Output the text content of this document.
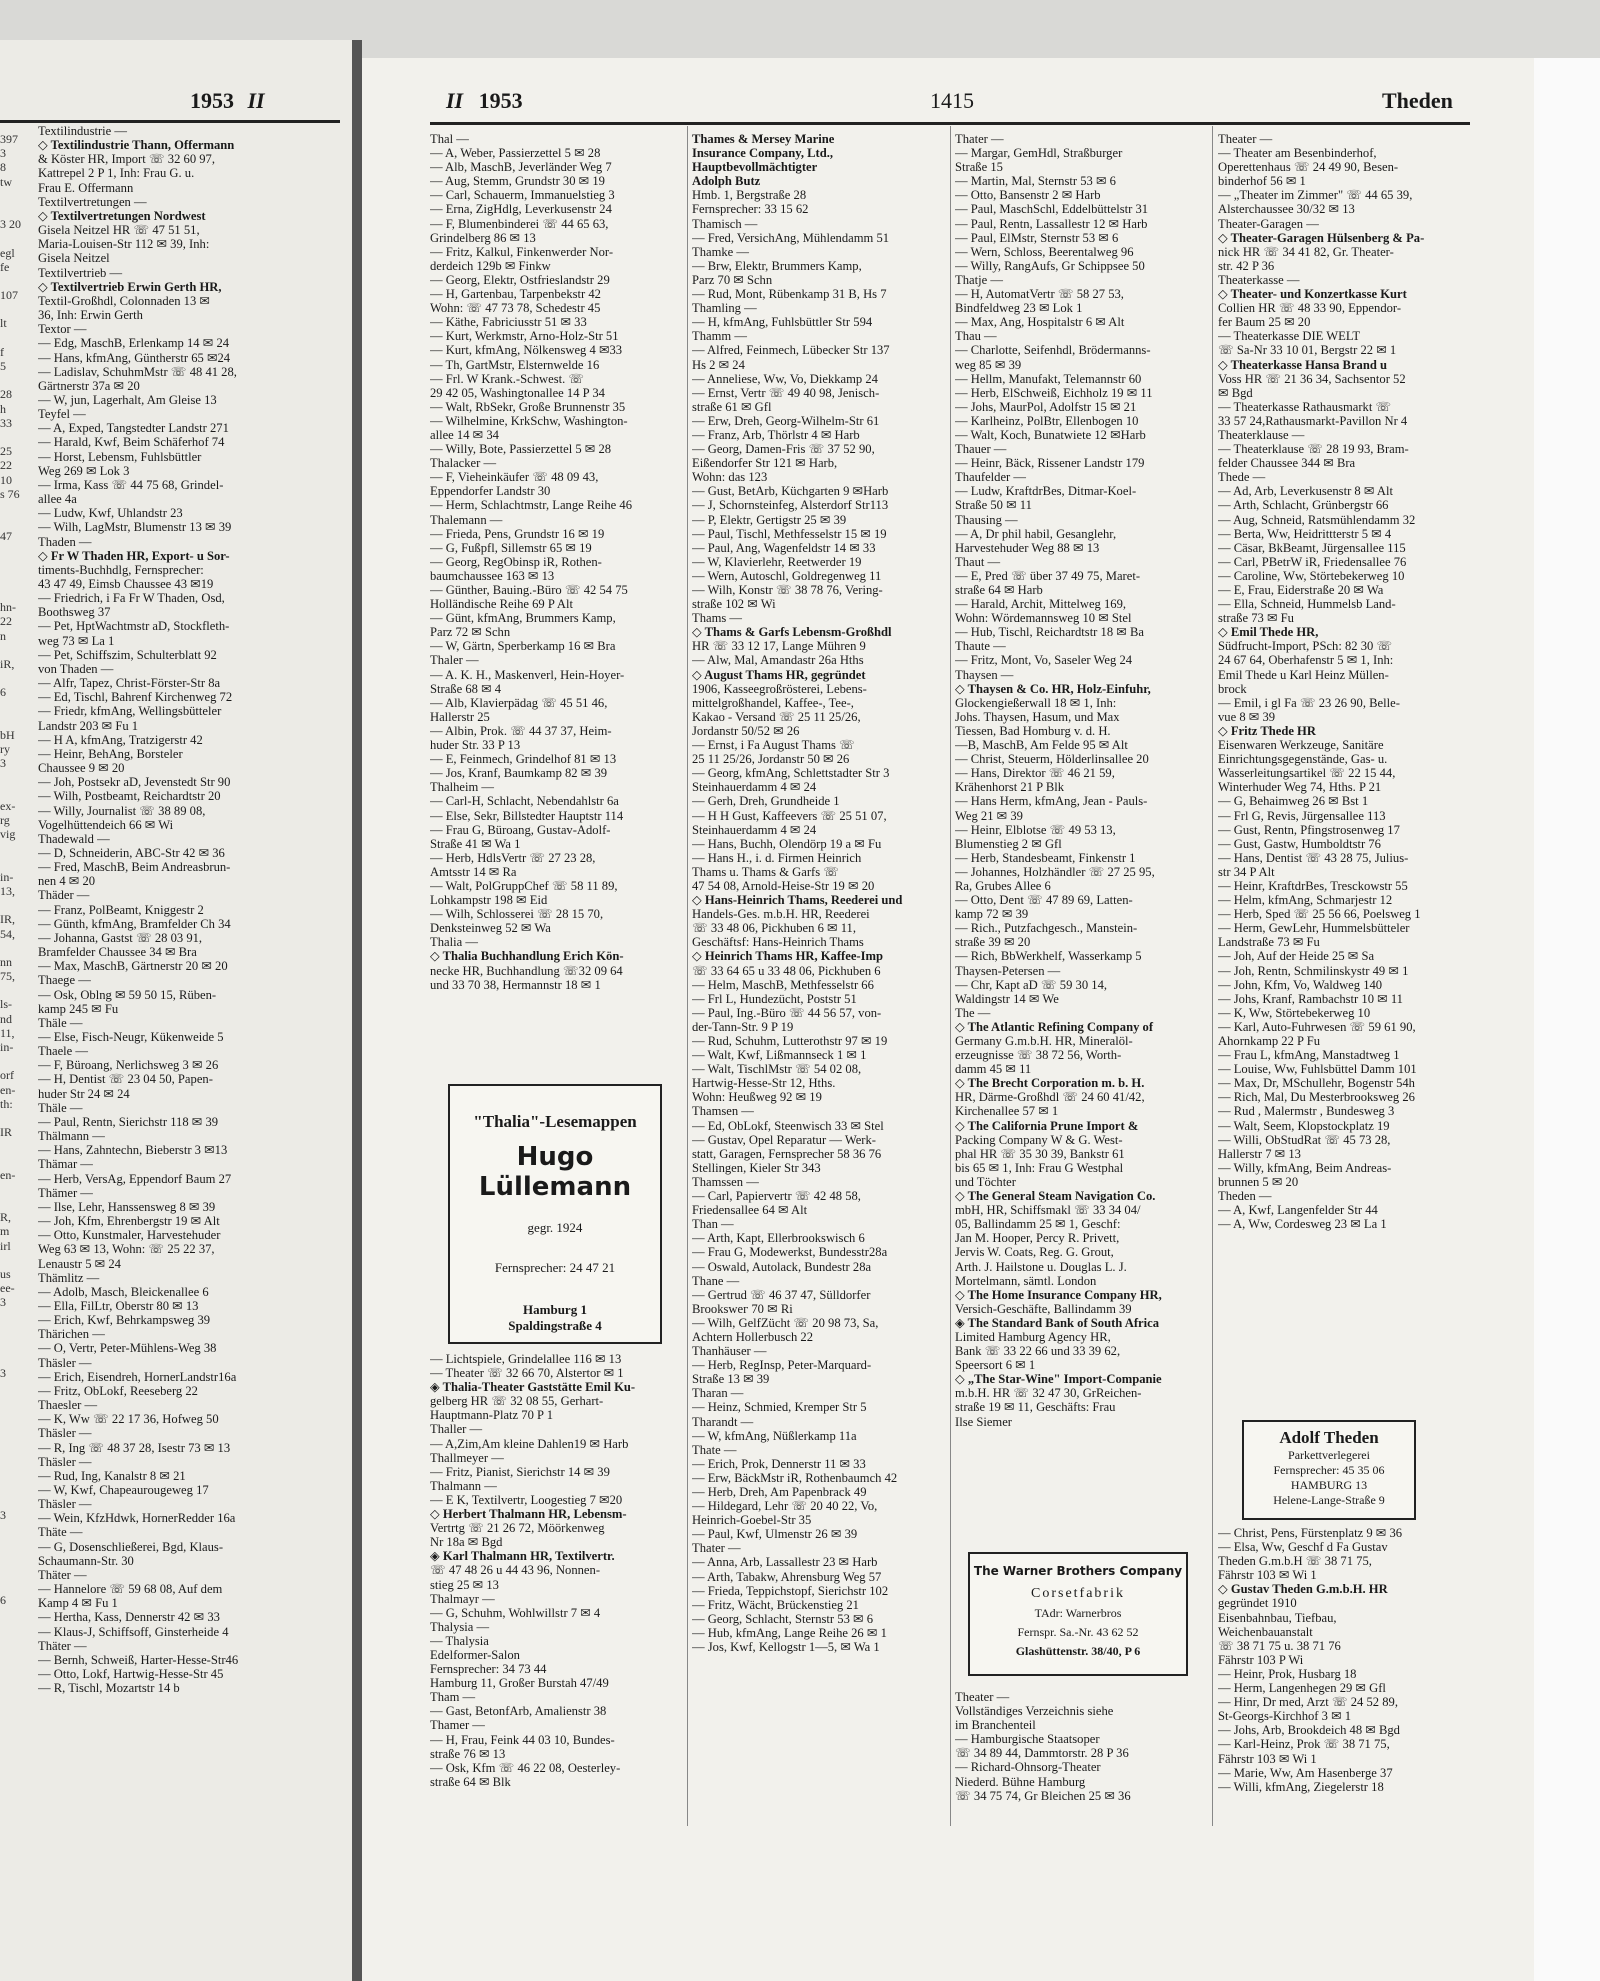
1953 II
397
3
8
tw
3 20
egl
fe
107
lt
f
5
28
h
33
25
22
10
s 76
47
hn-
22
n
iR,
6
bH
ry
3
ex-
rg
vig
in-
13,
IR,
54,
nn
75,
ls-
nd
11,
in-
orf
en-
th:
IR
en-
R,
m
irl
us
ee-
3
3
3
6
Textilindustrie —
◇ Textilindustrie Thann, Offermann
& Köster HR, Import ☏ 32 60 97,
Kattrepel 2 P 1, Inh: Frau G. u.
Frau E. Offermann
Textilvertretungen —
◇ Textilvertretungen Nordwest
Gisela Neitzel HR ☏ 47 51 51,
Maria-Louisen-Str 112 ✉ 39, Inh:
Gisela Neitzel
Textilvertrieb —
◇ Textilvertrieb Erwin Gerth HR,
Textil-Großhdl, Colonnaden 13 ✉
36, Inh: Erwin Gerth
Textor —
— Edg, MaschB, Erlenkamp 14 ✉ 24
— Hans, kfmAng, Güntherstr 65 ✉24
— Ladislav, SchuhmMstr ☏ 48 41 28,
Gärtnerstr 37a ✉ 20
— W, jun, Lagerhalt, Am Gleise 13
Teyfel —
— A, Exped, Tangstedter Landstr 271
— Harald, Kwf, Beim Schäferhof 74
— Horst, Lebensm, Fuhlsbüttler
Weg 269 ✉ Lok 3
— Irma, Kass ☏ 44 75 68, Grindel-
allee 4a
— Ludw, Kwf, Uhlandstr 23
— Wilh, LagMstr, Blumenstr 13 ✉ 39
Thaden —
◇ Fr W Thaden HR, Export- u Sor-
timents-Buchhdlg, Fernsprecher:
43 47 49, Eimsb Chaussee 43 ✉19
— Friedrich, i Fa Fr W Thaden, Osd,
Boothsweg 37
— Pet, HptWachtmstr aD, Stockfleth-
weg 73 ✉ La 1
— Pet, Schiffszim, Schulterblatt 92
von Thaden —
— Alfr, Tapez, Christ-Förster-Str 8a
— Ed, Tischl, Bahrenf Kirchenweg 72
— Friedr, kfmAng, Wellingsbütteler
Landstr 203 ✉ Fu 1
— H A, kfmAng, Tratzigerstr 42
— Heinr, BehAng, Borsteler
Chaussee 9 ✉ 20
— Joh, Postsekr aD, Jevenstedt Str 90
— Wilh, Postbeamt, Reichardtstr 20
— Willy, Journalist ☏ 38 89 08,
Vogelhüttendeich 66 ✉ Wi
Thadewald —
— D, Schneiderin, ABC-Str 42 ✉ 36
— Fred, MaschB, Beim Andreasbrun-
nen 4 ✉ 20
Thäder —
— Franz, PolBeamt, Kniggestr 2
— Günth, kfmAng, Bramfelder Ch 34
— Johanna, Gastst ☏ 28 03 91,
Bramfelder Chaussee 34 ✉ Bra
— Max, MaschB, Gärtnerstr 20 ✉ 20
Thaege —
— Osk, Oblng ✉ 59 50 15, Rüben-
kamp 245 ✉ Fu
Thäle —
— Else, Fisch-Neugr, Kükenweide 5
Thaele —
— F, Büroang, Nerlichsweg 3 ✉ 26
— H, Dentist ☏ 23 04 50, Papen-
huder Str 24 ✉ 24
Thäle —
— Paul, Rentn, Sierichstr 118 ✉ 39
Thälmann —
— Hans, Zahntechn, Bieberstr 3 ✉13
Thämar —
— Herb, VersAg, Eppendorf Baum 27
Thämer —
— Ilse, Lehr, Hanssensweg 8 ✉ 39
— Joh, Kfm, Ehrenbergstr 19 ✉ Alt
— Otto, Kunstmaler, Harvestehuder
Weg 63 ✉ 13, Wohn: ☏ 25 22 37,
Lenaustr 5 ✉ 24
Thämlitz —
— Adolb, Masch, Bleickenallee 6
— Ella, FilLtr, Oberstr 80 ✉ 13
— Erich, Kwf, Behrkampsweg 39
Thärichen —
— O, Vertr, Peter-Mühlens-Weg 38
Thäsler —
— Erich, Eisendreh, HornerLandstr16a
— Fritz, ObLokf, Reeseberg 22
Thaesler —
— K, Ww ☏ 22 17 36, Hofweg 50
Thäsler —
— R, Ing ☏ 48 37 28, Isestr 73 ✉ 13
Thäsler —
— Rud, Ing, Kanalstr 8 ✉ 21
— W, Kwf, Chapeaurougeweg 17
Thäsler —
— Wein, KfzHdwk, HornerRedder 16a
Thäte —
— G, Dosenschließerei, Bgd, Klaus-
Schaumann-Str. 30
Thäter —
— Hannelore ☏ 59 68 08, Auf dem
Kamp 4 ✉ Fu 1
— Hertha, Kass, Dennerstr 42 ✉ 33
— Klaus-J, Schiffsoff, Ginsterheide 4
Thäter —
— Bernh, Schweiß, Harter-Hesse-Str46
— Otto, Lokf, Hartwig-Hesse-Str 45
— R, Tischl, Mozartstr 14 b
II 1953	1415	Theden
Thal —
— A, Weber, Passierzettel 5 ✉ 28
— Alb, MaschB, Jeverländer Weg 7
— Aug, Stemm, Grundstr 30 ✉ 19
— Carl, Schauerm, Immanuelstieg 3
— Erna, ZigHdlg, Leverkusenstr 24
— F, Blumenbinderei ☏ 44 65 63,
Grindelberg 86 ✉ 13
— Fritz, Kalkul, Finkenwerder Nor-
derdeich 129b ✉ Finkw
— Georg, Elektr, Ostfrieslandstr 29
— H, Gartenbau, Tarpenbekstr 42
Wohn: ☏ 47 73 78, Schedestr 45
— Käthe, Fabriciusstr 51 ✉ 33
— Kurt, Werkmstr, Arno-Holz-Str 51
— Kurt, kfmAng, Nölkensweg 4 ✉33
— Th, GartMstr, Elsternwelde 16
— Frl. W Krank.-Schwest. ☏
29 42 05, Washingtonallee 14 P 34
— Walt, RbSekr, Große Brunnenstr 35
— Wilhelmine, KrkSchw, Washington-
allee 14 ✉ 34
— Willy, Bote, Passierzettel 5 ✉ 28
Thalacker —
— F, Vieheinkäufer ☏ 48 09 43,
Eppendorfer Landstr 30
— Herm, Schlachtmstr, Lange Reihe 46
Thalemann —
— Frieda, Pens, Grundstr 16 ✉ 19
— G, Fußpfl, Sillemstr 65 ✉ 19
— Georg, RegObinsp iR, Rothen-
baumchaussee 163 ✉ 13
— Günther, Bauing.-Büro ☏ 42 54 75
Holländische Reihe 69 P Alt
— Günt, kfmAng, Brummers Kamp,
Parz 72 ✉ Schn
— W, Gärtn, Sperberkamp 16 ✉ Bra
Thaler —
— A. K. H., Maskenverl, Hein-Hoyer-
Straße 68 ✉ 4
— Alb, Klavierpädag ☏ 45 51 46,
Hallerstr 25
— Albin, Prok. ☏ 44 37 37, Heim-
huder Str. 33 P 13
— E, Feinmech, Grindelhof 81 ✉ 13
— Jos, Kranf, Baumkamp 82 ✉ 39
Thalheim —
— Carl-H, Schlacht, Nebendahlstr 6a
— Else, Sekr, Billstedter Hauptstr 114
— Frau G, Büroang, Gustav-Adolf-
Straße 41 ✉ Wa 1
— Herb, HdlsVertr ☏ 27 23 28,
Amtsstr 14 ✉ Ra
— Walt, PolGruppChef ☏ 58 11 89,
Lohkampstr 198 ✉ Eid
— Wilh, Schlosserei ☏ 28 15 70,
Denksteinweg 52 ✉ Wa
Thalia —
◇ Thalia Buchhandlung Erich Kön-
necke HR, Buchhandlung ☏32 09 64
und 33 70 38, Hermannstr 18 ✉ 1
"Thalia"-Lesemappen
Hugo Lüllemann
gegr. 1924
Fernsprecher: 24 47 21
Hamburg 1
Spaldingstraße 4
— Lichtspiele, Grindelallee 116 ✉ 13
— Theater ☏ 32 66 70, Alstertor ✉ 1
◈ Thalia-Theater Gaststätte Emil Ku-
gelberg HR ☏ 32 08 55, Gerhart-
Hauptmann-Platz 70 P 1
Thaller —
— A,Zim,Am kleine Dahlen19 ✉ Harb
Thallmeyer —
— Fritz, Pianist, Sierichstr 14 ✉ 39
Thalmann —
— E K, Textilvertr, Loogestieg 7 ✉20
◇ Herbert Thalmann HR, Lebensm-
Vertrtg ☏ 21 26 72, Möörkenweg
Nr 18a ✉ Bgd
◈ Karl Thalmann HR, Textilvertr.
☏ 47 48 26 u 44 43 96, Nonnen-
stieg 25 ✉ 13
Thalmayr —
— G, Schuhm, Wohlwillstr 7 ✉ 4
Thalysia —
— Thalysia
Edelformer-Salon
Fernsprecher: 34 73 44
Hamburg 11, Großer Burstah 47/49
Tham —
— Gast, BetonfArb, Amalienstr 38
Thamer —
— H, Frau, Feink 44 03 10, Bundes-
straße 76 ✉ 13
— Osk, Kfm ☏ 46 22 08, Oesterley-
straße 64 ✉ Blk
Thames & Mersey Marine
Insurance Company, Ltd.,
Hauptbevollmächtigter
Adolph Butz
Hmb. 1, Bergstraße 28
Fernsprecher: 33 15 62
Thamisch —
— Fred, VersichAng, Mühlendamm 51
Thamke —
— Brw, Elektr, Brummers Kamp,
Parz 70 ✉ Schn
— Rud, Mont, Rübenkamp 31 B, Hs 7
Thamling —
— H, kfmAng, Fuhlsbüttler Str 594
Thamm —
— Alfred, Feinmech, Lübecker Str 137
Hs 2 ✉ 24
— Anneliese, Ww, Vo, Diekkamp 24
— Ernst, Vertr ☏ 49 40 98, Jenisch-
straße 61 ✉ Gfl
— Erw, Dreh, Georg-Wilhelm-Str 61
— Franz, Arb, Thörlstr 4 ✉ Harb
— Georg, Damen-Fris ☏ 37 52 90,
Eißendorfer Str 121 ✉ Harb,
Wohn: das 123
— Gust, BetArb, Küchgarten 9 ✉Harb
— J, Schornsteinfeg, Alsterdorf Str113
— P, Elektr, Gertigstr 25 ✉ 39
— Paul, Tischl, Methfesselstr 15 ✉ 19
— Paul, Ang, Wagenfeldstr 14 ✉ 33
— W, Klavierlehr, Reetwerder 19
— Wern, Autoschl, Goldregenweg 11
— Wilh, Konstr ☏ 38 78 76, Vering-
straße 102 ✉ Wi
Thams —
◇ Thams & Garfs Lebensm-Großhdl
HR ☏ 33 12 17, Lange Mühren 9
— Alw, Mal, Amandastr 26a Hths
◇ August Thams HR, gegründet
1906, Kasseegroßrösterei, Lebens-
mittelgroßhandel, Kaffee-, Tee-,
Kakao - Versand ☏ 25 11 25/26,
Jordanstr 50/52 ✉ 26
— Ernst, i Fa August Thams ☏
25 11 25/26, Jordanstr 50 ✉ 26
— Georg, kfmAng, Schlettstadter Str 3
Steinhauerdamm 4 ✉ 24
— Gerh, Dreh, Grundheide 1
— H H Gust, Kaffeevers ☏ 25 51 07,
Steinhauerdamm 4 ✉ 24
— Hans, Buchh, Olendörp 19 a ✉ Fu
— Hans H., i. d. Firmen Heinrich
Thams u. Thams & Garfs ☏
47 54 08, Arnold-Heise-Str 19 ✉ 20
◇ Hans-Heinrich Thams, Reederei und
Handels-Ges. m.b.H. HR, Reederei
☏ 33 48 06, Pickhuben 6 ✉ 11,
Geschäftsf: Hans-Heinrich Thams
◇ Heinrich Thams HR, Kaffee-Imp
☏ 33 64 65 u 33 48 06, Pickhuben 6
— Helm, MaschB, Methfesselstr 66
— Frl L, Hundezücht, Poststr 51
— Paul, Ing.-Büro ☏ 44 56 57, von-
der-Tann-Str. 9 P 19
— Rud, Schuhm, Lutterothstr 97 ✉ 19
— Walt, Kwf, Lißmannseck 1 ✉ 1
— Walt, TischlMstr ☏ 54 02 08,
Hartwig-Hesse-Str 12, Hths.
Wohn: Heußweg 92 ✉ 19
Thamsen —
— Ed, ObLokf, Steenwisch 33 ✉ Stel
— Gustav, Opel Reparatur — Werk-
statt, Garagen, Fernsprecher 58 36 76
Stellingen, Kieler Str 343
Thamssen —
— Carl, Papiervertr ☏ 42 48 58,
Friedensallee 64 ✉ Alt
Than —
— Arth, Kapt, Ellerbrookswisch 6
— Frau G, Modewerkst, Bundesstr28a
— Oswald, Autolack, Bundestr 28a
Thane —
— Gertrud ☏ 46 37 47, Sülldorfer
Brookswег 70 ✉ Ri
— Wilh, GelfZücht ☏ 20 98 73, Sa,
Achtern Hollerbusch 22
Thanhäuser —
— Herb, RegInsp, Peter-Marquard-
Straße 13 ✉ 39
Tharan —
— Heinz, Schmied, Kremper Str 5
Tharandt —
— W, kfmAng, Nüßlerkamp 11a
Thate —
— Erich, Prok, Dennerstr 11 ✉ 33
— Erw, BäckMstr iR, Rothenbaumch 42
— Herb, Dreh, Am Papenbrack 49
— Hildegard, Lehr ☏ 20 40 22, Vo,
Heinrich-Goebel-Str 35
— Paul, Kwf, Ulmenstr 26 ✉ 39
Thater —
— Anna, Arb, Lassallestr 23 ✉ Harb
— Arth, Tabakw, Ahrensburg Weg 57
— Frieda, Teppichstopf, Sierichstr 102
— Fritz, Wächt, Brückenstieg 21
— Georg, Schlacht, Sternstr 53 ✉ 6
— Hub, kfmAng, Lange Reihe 26 ✉ 1
— Jos, Kwf, Kellogstr 1—5, ✉ Wa 1
Thater —
— Margar, GemHdl, Straßburger
Straße 15
— Martin, Mal, Sternstr 53 ✉ 6
— Otto, Bansenstr 2 ✉ Harb
— Paul, MaschSchl, Eddelbüttelstr 31
— Paul, Rentn, Lassallestr 12 ✉ Harb
— Paul, ElMstr, Sternstr 53 ✉ 6
— Wern, Schloss, Beerentalweg 96
— Willy, RangAufs, Gr Schippsee 50
Thatje —
— H, AutomatVertr ☏ 58 27 53,
Bindfeldweg 23 ✉ Lok 1
— Max, Ang, Hospitalstr 6 ✉ Alt
Thau —
— Charlotte, Seifenhdl, Brödermanns-
weg 85 ✉ 39
— Hellm, Manufakt, Telemannstr 60
— Herb, ElSchweiß, Eichholz 19 ✉ 11
— Johs, MaurPol, Adolfstr 15 ✉ 21
— Karlheinz, PolBtr, Ellenbogen 10
— Walt, Koch, Bunatwiete 12 ✉Harb
Thauer —
— Heinr, Bäck, Rissener Landstr 179
Thaufelder —
— Ludw, KraftdrBes, Ditmar-Koel-
Straße 50 ✉ 11
Thausing —
— A, Dr phil habil, Gesanglehr,
Harvestehuder Weg 88 ✉ 13
Thaut —
— E, Pred ☏ über 37 49 75, Maret-
straße 64 ✉ Harb
— Harald, Archit, Mittelweg 169,
Wohn: Wördemannsweg 10 ✉ Stel
— Hub, Tischl, Reichardtstr 18 ✉ Ba
Thaute —
— Fritz, Mont, Vo, Saseler Weg 24
Thaysen —
◇ Thaysen & Co. HR, Holz-Einfuhr,
Glockengießerwall 18 ✉ 1, Inh:
Johs. Thaysen, Hasum, und Max
Tiessen, Bad Homburg v. d. H.
—B, MaschB, Am Felde 95 ✉ Alt
— Christ, Steuerm, Hölderlinsallee 20
— Hans, Direktor ☏ 46 21 59,
Krähenhorst 21 P Blk
— Hans Herm, kfmAng, Jean - Pauls-
Weg 21 ✉ 39
— Heinr, Elblotse ☏ 49 53 13,
Blumenstieg 2 ✉ Gfl
— Herb, Standesbeamt, Finkenstr 1
— Johannes, Holzhändler ☏ 27 25 95,
Ra, Grubes Allee 6
— Otto, Dent ☏ 47 89 69, Latten-
kamp 72 ✉ 39
— Rich., Putzfachgesch., Manstein-
straße 39 ✉ 20
— Rich, BbWerkhelf, Wasserkamp 5
Thaysen-Petersen —
— Chr, Kapt aD ☏ 59 30 14,
Waldingstr 14 ✉ We
The —
◇ The Atlantic Refining Company of
Germany G.m.b.H. HR, Mineralöl-
erzeugnisse ☏ 38 72 56, Worth-
damm 45 ✉ 11
◇ The Brecht Corporation m. b. H.
HR, Därme-Großhdl ☏ 24 60 41/42,
Kirchenallee 57 ✉ 1
◇ The California Prune Import &
Packing Company W & G. West-
phal HR ☏ 35 30 39, Bankstr 61
bis 65 ✉ 1, Inh: Frau G Westphal
und Töchter
◇ The General Steam Navigation Co.
mbH, HR, Schiffsmakl ☏ 33 34 04/
05, Ballindamm 25 ✉ 1, Geschf:
Jan M. Hooper, Percy R. Privett,
Jervis W. Coats, Reg. G. Grout,
Arth. J. Hailstone u. Douglas L. J.
Mortelmann, sämtl. London
◇ The Home Insurance Company HR,
Versich-Geschäfte, Ballindamm 39
◈ The Standard Bank of South Africa
Limited Hamburg Agency HR,
Bank ☏ 33 22 66 und 33 39 62,
Speersort 6 ✉ 1
◇ „The Star-Wine" Import-Companie
m.b.H. HR ☏ 32 47 30, GrReichen-
straße 19 ✉ 11, Geschäfts: Frau
Ilse Siemer
The Warner Brothers Company
Corsetfabrik
TAdr: Warnerbros
Fernspr. Sa.-Nr. 43 62 52
Glashüttenstr. 38/40, P 6
Theater —
Vollständiges Verzeichnis siehe
im Branchenteil
— Hamburgische Staatsoper
☏ 34 89 44, Dammtorstr. 28 P 36
— Richard-Ohnsorg-Theater
Niederd. Bühne Hamburg
☏ 34 75 74, Gr Bleichen 25 ✉ 36
Theater —
— Theater am Besenbinderhof,
Operettenhaus ☏ 24 49 90, Besen-
binderhof 56 ✉ 1
— „Theater im Zimmer" ☏ 44 65 39,
Alsterchaussee 30/32 ✉ 13
Theater-Garagen —
◇ Theater-Garagen Hülsenberg & Pa-
nick HR ☏ 34 41 82, Gr. Theater-
str. 42 P 36
Theaterkasse —
◇ Theater- und Konzertkasse Kurt
Collien HR ☏ 48 33 90, Eppendor-
fer Baum 25 ✉ 20
— Theaterkasse DIE WELT
☏ Sa-Nr 33 10 01, Bergstr 22 ✉ 1
◇ Theaterkasse Hansa Brand u
Voss HR ☏ 21 36 34, Sachsentor 52
✉ Bgd
— Theaterkasse Rathausmarkt ☏
33 57 24,Rathausmarkt-Pavillon Nr 4
Theaterklause —
— Theaterklause ☏ 28 19 93, Bram-
felder Chaussee 344 ✉ Bra
Thede —
— Ad, Arb, Leverkusenstr 8 ✉ Alt
— Arth, Schlacht, Grünbergstr 66
— Aug, Schneid, Ratsmühlendamm 32
— Berta, Ww, Heidrittterstr 5 ✉ 4
— Cäsar, BkBeamt, Jürgensallee 115
— Carl, PBetrW iR, Friedensallee 76
— Caroline, Ww, Störtebekerweg 10
— E, Frau, Eiderstraße 20 ✉ Wa
— Ella, Schneid, Hummelsb Land-
straße 73 ✉ Fu
◇ Emil Thede HR,
Südfrucht-Import, PSch: 82 30 ☏
24 67 64, Oberhafenstr 5 ✉ 1, Inh:
Emil Thede u Karl Heinz Müllen-
brock
— Emil, i gl Fa ☏ 23 26 90, Belle-
vue 8 ✉ 39
◇ Fritz Thede HR
Eisenwaren Werkzeuge, Sanitäre
Einrichtungsgegenstände, Gas- u.
Wasserleitungsartikel ☏ 22 15 44,
Winterhuder Weg 74, Hths. P 21
— G, Behaimweg 26 ✉ Bst 1
— Frl G, Revis, Jürgensallee 113
— Gust, Rentn, Pfingstrosenweg 17
— Gust, Gastw, Humboldtstr 76
— Hans, Dentist ☏ 43 28 75, Julius-
str 34 P Alt
— Heinr, KraftdrBes, Tresckowstr 55
— Helm, kfmAng, Schmarjestr 12
— Herb, Sped ☏ 25 56 66, Poelsweg 1
— Herm, GewLehr, Hummelsbütteler
Landstraße 73 ✉ Fu
— Joh, Auf der Heide 25 ✉ Sa
— Joh, Rentn, Schmilinskystr 49 ✉ 1
— John, Kfm, Vo, Waldweg 140
— Johs, Kranf, Rambachstr 10 ✉ 11
— K, Ww, Störtebekerweg 10
— Karl, Auto-Fuhrwesen ☏ 59 61 90,
Ahornkamp 22 P Fu
— Frau L, kfmAng, Manstadtweg 1
— Louise, Ww, Fuhlsbüttel Damm 101
— Max, Dr, MSchullehr, Bogenstr 54h
— Rich, Mal, Du Mesterbrooksweg 26
— Rud , Malermstr , Bundesweg 3
— Walt, Seem, Klopstockplatz 19
— Willi, ObStudRat ☏ 45 73 28,
Hallerstr 7 ✉ 13
— Willy, kfmAng, Beim Andreas-
brunnen 5 ✉ 20
Theden —
— A, Kwf, Langenfelder Str 44
— A, Ww, Cordesweg 23 ✉ La 1
Adolf Theden
Parkettverlegerei
Fernsprecher: 45 35 06
HAMBURG 13
Helene-Lange-Straße 9
— Christ, Pens, Fürstenplatz 9 ✉ 36
— Elsa, Ww, Geschf d Fa Gustav
Theden G.m.b.H ☏ 38 71 75,
Fährstr 103 ✉ Wi 1
◇ Gustav Theden G.m.b.H. HR
gegründet 1910
Eisenbahnbau, Tiefbau,
Weichenbauanstalt
☏ 38 71 75 u. 38 71 76
Fährstr 103 P Wi
— Heinr, Prok, Husbarg 18
— Herm, Langenhegen 29 ✉ Gfl
— Hinr, Dr med, Arzt ☏ 24 52 89,
St-Georgs-Kirchhof 3 ✉ 1
— Johs, Arb, Brookdeich 48 ✉ Bgd
— Karl-Heinz, Prok ☏ 38 71 75,
Fährstr 103 ✉ Wi 1
— Marie, Ww, Am Hasenberge 37
— Willi, kfmAng, Ziegelerstr 18
